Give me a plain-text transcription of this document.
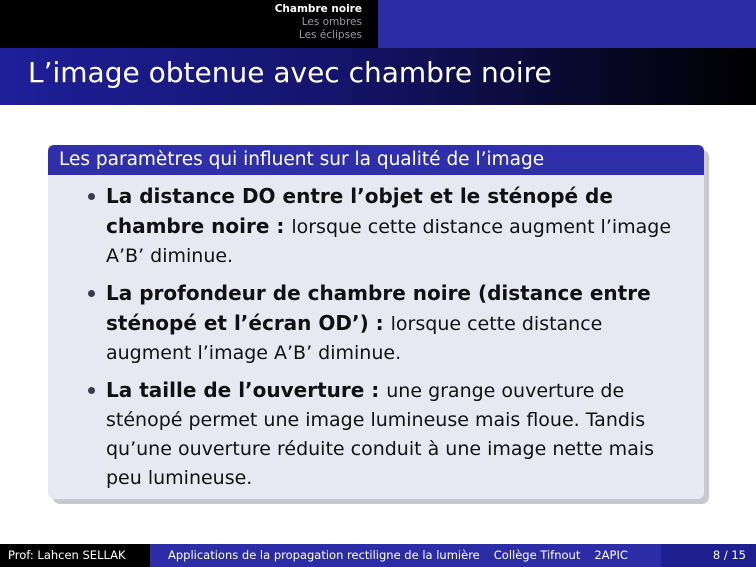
Chambre noire
Les ombres
Les éclipses
L’image obtenue avec chambre noire
Les paramètres qui influent sur la qualité de l’image
La distance DO entre l’objet et le sténopé de chambre noire : lorsque cette distance augment l’image A’B’ diminue.
La profondeur de chambre noire (distance entre sténopé et l’écran OD’) : lorsque cette distance augment l’image A’B’ diminue.
La taille de l’ouverture : une grange ouverture de sténopé permet une image lumineuse mais floue. Tandis qu’une ouverture réduite conduit à une image nette mais peu lumineuse.
Prof: Lahcen SELLAK	Applications de la propagation rectiligne de la lumière Collège Tifnout 2APIC	8 / 15
